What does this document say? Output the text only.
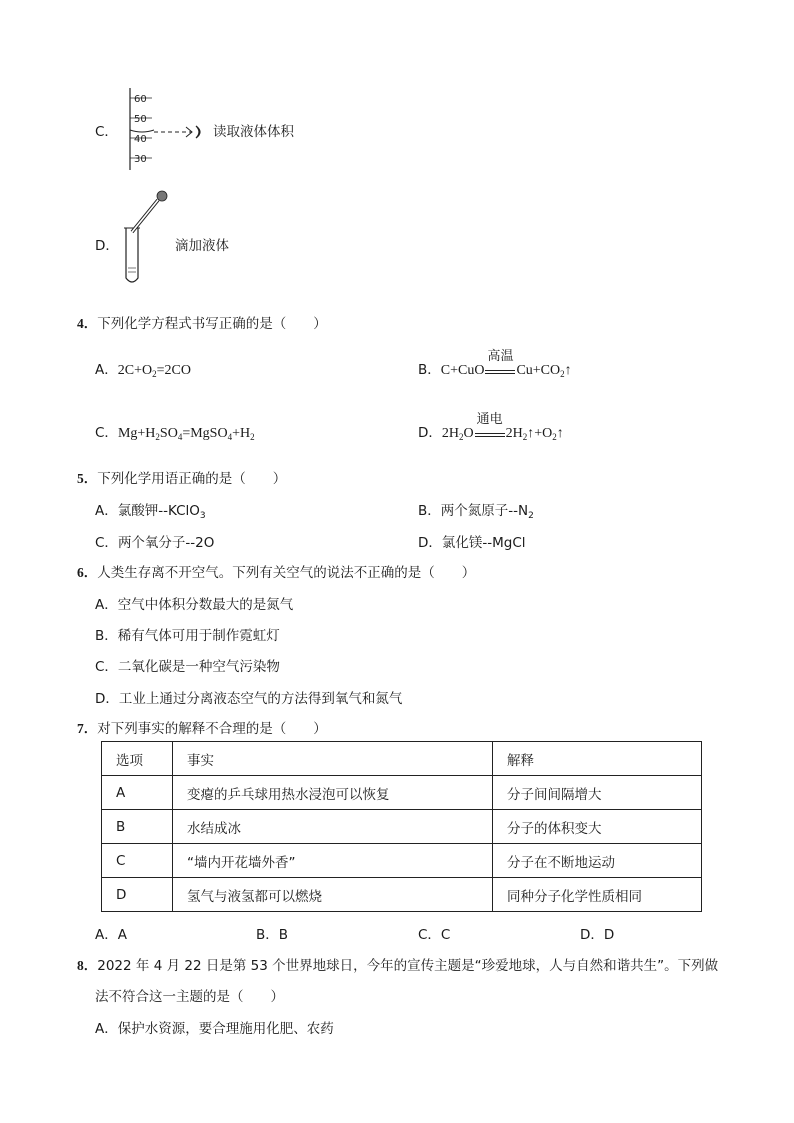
C．
60
50
40
30
读取液体体积
D．	滴加液体
4．下列化学方程式书写正确的是（　　）
A．$2C+O_2=2CO$	B．C+CuO
高温
$Cu+CO_2↑$
C．$Mg+H_2SO_4=MgSO_4+H_2$	D．$2H_2O$
通电
$2H_2↑+O_2↑$
5．下列化学用语正确的是（　　）
A．氯酸钾--KClO$_3$	B．两个氮原子$--N_2$
C．两个氧分子--2O	D．氯化镁--MgCl
6．人类生存离不开空气。下列有关空气的说法不正确的是（　　）
A．空气中体积分数最大的是氮气
B．稀有气体可用于制作霓虹灯
C．二氧化碳是一种空气污染物
D．工业上通过分离液态空气的方法得到氧气和氮气
7．对下列事实的解释不合理的是（　　）
选项	事实	解释
A	变瘪的乒乓球用热水浸泡可以恢复	分子间间隔增大
B	水结成冰	分子的体积变大
C	“墙内开花墙外香”	分子在不断地运动
D	氢气与液氢都可以燃烧	同种分子化学性质相同
A．A	B．B	C．C	D．D
8．2022 年 4 月 22 日是第 53 个世界地球日，今年的宣传主题是“珍爱地球，人与自然和谐共生”。下列做
法不符合这一主题的是（　　）
A．保护水资源，要合理施用化肥、农药
